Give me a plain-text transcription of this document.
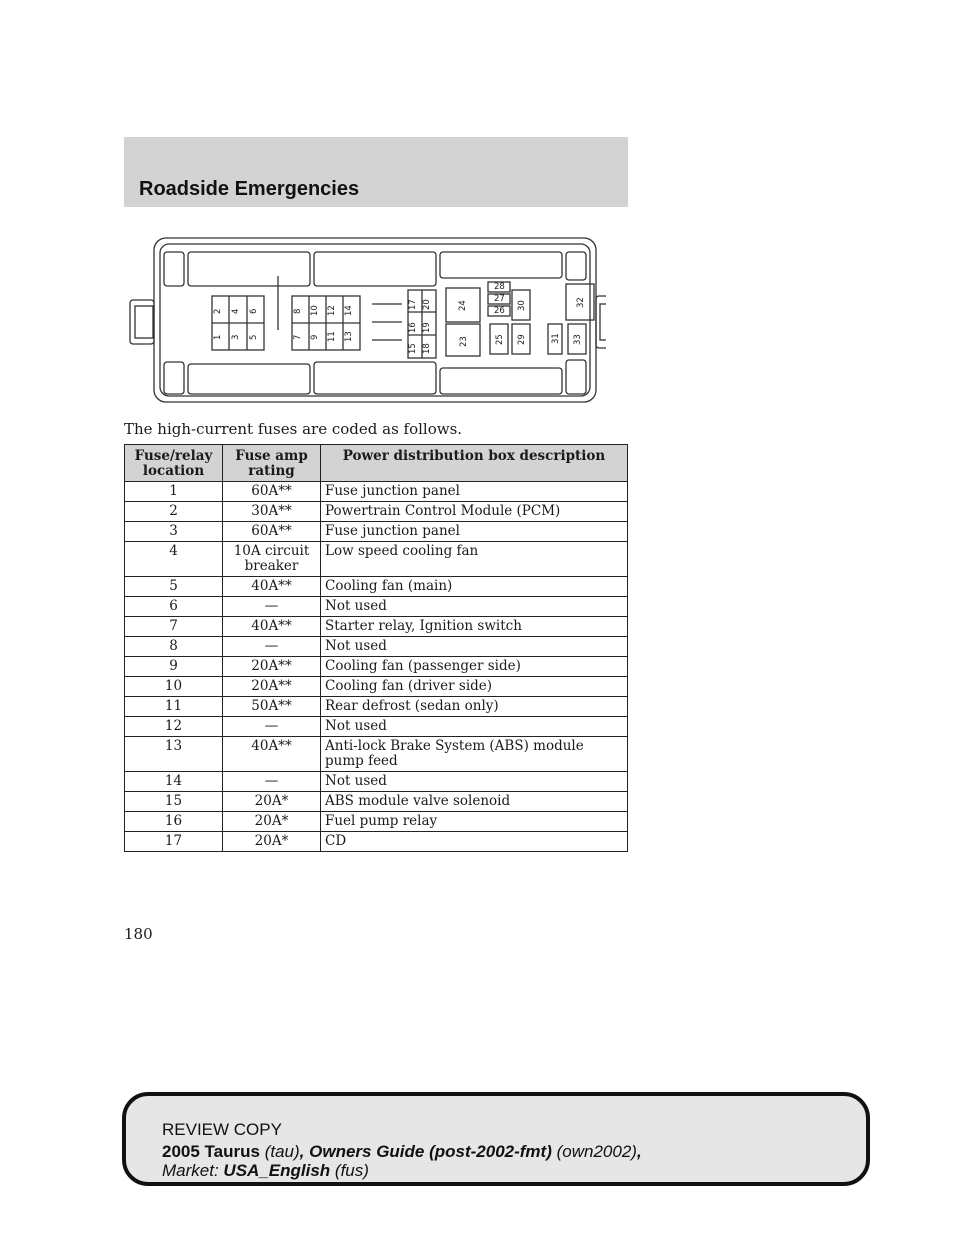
Roadside Emergencies
1
2
3
4
5
6
7
8
9
10
11
12
13
14
15
16
17
18
19
20
23
24
25
26
27
28
29
30
31
32
33

The high-current fuses are coded as follows.

Fuse/relay location	Fuse amp rating	Power distribution box description
1	60A**	Fuse junction panel
2	30A**	Powertrain Control Module (PCM)
3	60A**	Fuse junction panel
4	10A circuit breaker	Low speed cooling fan
5	40A**	Cooling fan (main)
6	—	Not used
7	40A**	Starter relay, Ignition switch
8	—	Not used
9	20A**	Cooling fan (passenger side)
10	20A**	Cooling fan (driver side)
11	50A**	Rear defrost (sedan only)
12	—	Not used
13	40A**	Anti-lock Brake System (ABS) module pump feed
14	—	Not used
15	20A*	ABS module valve solenoid
16	20A*	Fuel pump relay
17	20A*	CD
180
REVIEW COPY
2005 Taurus (tau), Owners Guide (post-2002-fmt) (own2002),
Market: USA_English (fus)
